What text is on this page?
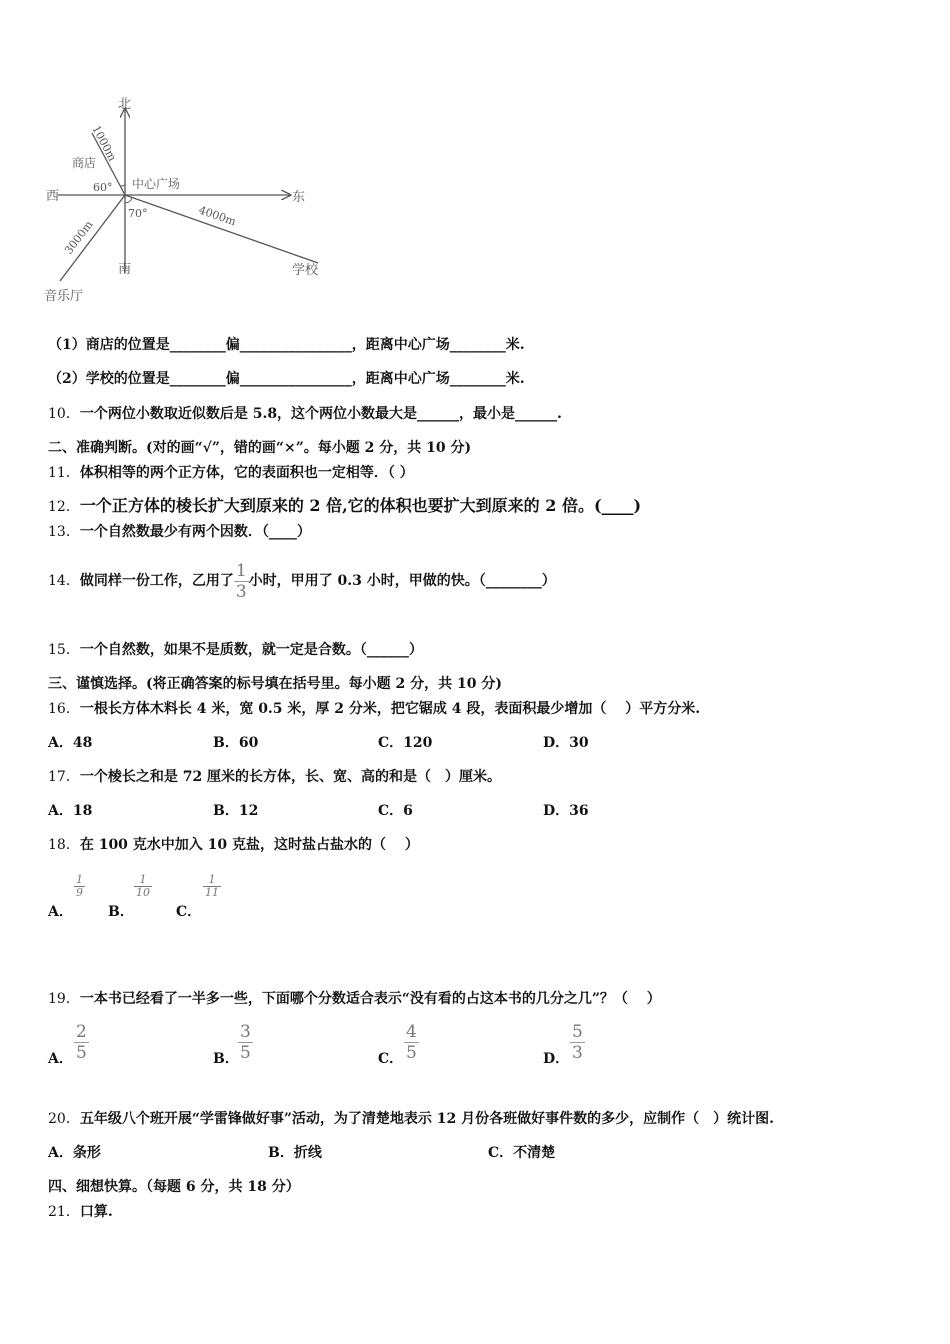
北
南
西	东
中心广场
商店
学校
音乐厅
60°
70°
1000m
4000m
3000m
（1）商店的位置是________偏________________，距离中心广场________米.
（2）学校的位置是________偏________________，距离中心广场________米.
10．一个两位小数取近似数后是 5.8，这个两位小数最大是______，最小是______.
二、准确判断。(对的画“√”，错的画“×”。每小题 2 分，共 10 分)
11．体积相等的两个正方体，它的表面积也一定相等．（ ）
12．一个正方体的棱长扩大到原来的 2 倍,它的体积也要扩大到原来的 2 倍。(____)
13．一个自然数最少有两个因数．（____）
14．做同样一份工作，乙用了 $\frac{1}{3}$ 小时，甲用了 0.3 小时，甲做的快。（________）
15．一个自然数，如果不是质数，就一定是合数。（______）
三、谨慎选择。(将正确答案的标号填在括号里。每小题 2 分，共 10 分)
16．一根长方体木料长 4 米，宽 0.5 米，厚 2 分米，把它锯成 4 段，表面积最少增加（　 ）平方分米.
A．48	B．60	C．120	D．30
17．一个棱长之和是 72 厘米的长方体，长、宽、高的和是（　）厘米。
A．18	B．12	C．6	D．36
18．在 100 克水中加入 10 克盐，这时盐占盐水的（　 ）
A．
$\frac{1}{9}$
B．
$\frac{1}{10}$
C．
$\frac{1}{11}$
19．一本书已经看了一半多一些，下面哪个分数适合表示“没有看的占这本书的几分之几”？（　 ）
A． $\frac{2}{5}$	B． $\frac{3}{5}$	C． $\frac{4}{5}$	D． $\frac{5}{3}$
20．五年级八个班开展“学雷锋做好事”活动，为了清楚地表示 12 月份各班做好事件数的多少，应制作（　）统计图.
A．条形	B．折线	C．不清楚
四、细想快算。（每题 6 分，共 18 分）
21．口算.
